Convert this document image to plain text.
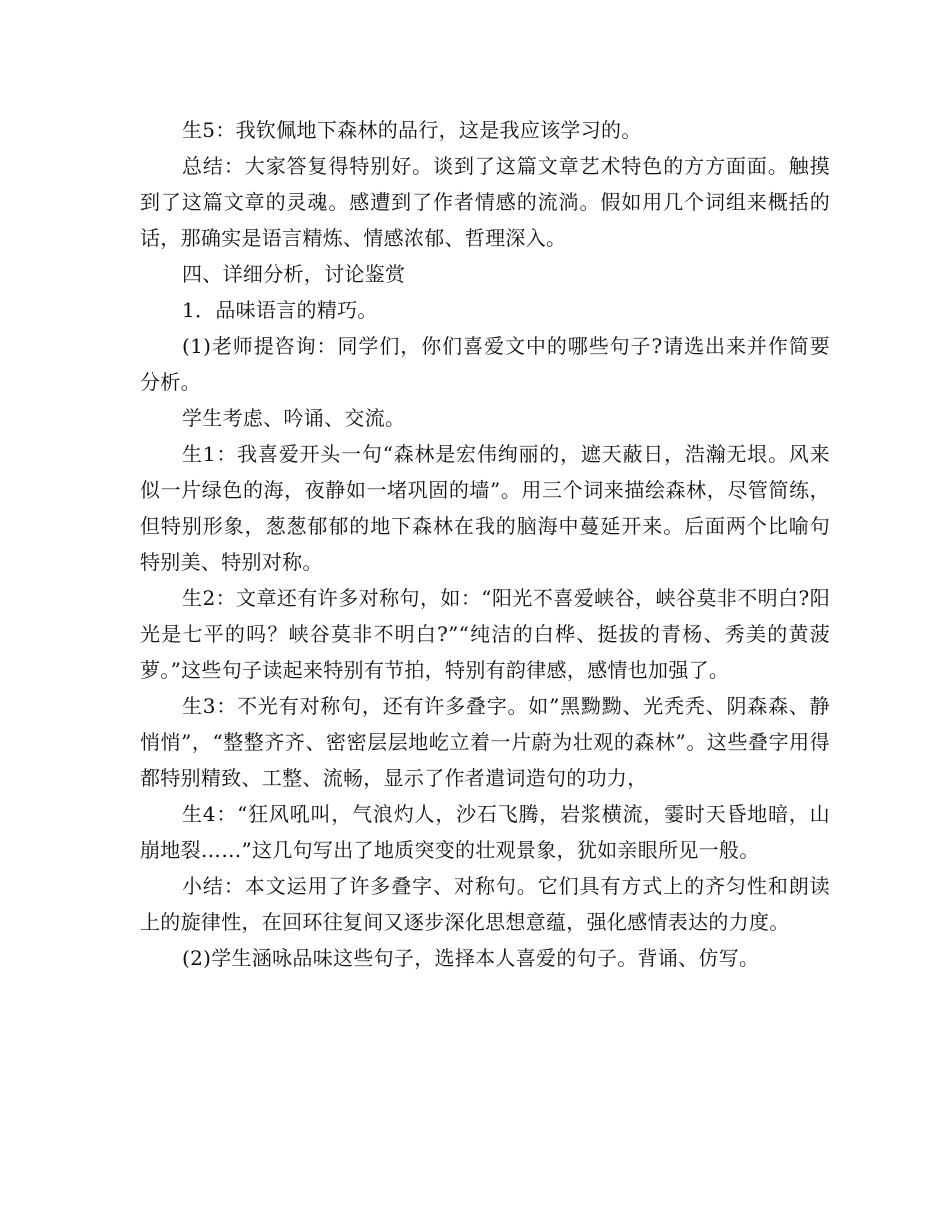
生5：我钦佩地下森林的品行，这是我应该学习的。

总结：大家答复得特别好。谈到了这篇文章艺术特色的方方面面。触摸到了这篇文章的灵魂。感遭到了作者情感的流淌。假如用几个词组来概括的话，那确实是语言精炼、情感浓郁、哲理深入。

四、详细分析，讨论鉴赏

1．品味语言的精巧。

(1)老师提咨询：同学们，你们喜爱文中的哪些句子?请选出来并作简要分析。

学生考虑、吟诵、交流。

生1：我喜爱开头一句“森林是宏伟绚丽的，遮天蔽日，浩瀚无垠。风来似一片绿色的海，夜静如一堵巩固的墙”。用三个词来描绘森林，尽管简练，但特别形象，葱葱郁郁的地下森林在我的脑海中蔓延开来。后面两个比喻句特别美、特别对称。

生2：文章还有许多对称句，如：“阳光不喜爱峡谷，峡谷莫非不明白?阳光是七平的吗？峡谷莫非不明白?”“纯洁的白桦、挺拔的青杨、秀美的黄菠萝。”这些句子读起来特别有节拍，特别有韵律感，感情也加强了。

生3：不光有对称句，还有许多叠字。如”黑黝黝、光秃秃、阴森森、静悄悄”，“整整齐齐、密密层层地屹立着一片蔚为壮观的森林”。这些叠字用得都特别精致、工整、流畅，显示了作者遣词造句的功力，

生4：“狂风吼叫，气浪灼人，沙石飞腾，岩浆横流，霎时天昏地暗，山崩地裂……”这几句写出了地质突变的壮观景象，犹如亲眼所见一般。

小结：本文运用了许多叠字、对称句。它们具有方式上的齐匀性和朗读上的旋律性，在回环往复间又逐步深化思想意蕴，强化感情表达的力度。

(2)学生涵咏品味这些句子，选择本人喜爱的句子。背诵、仿写。
